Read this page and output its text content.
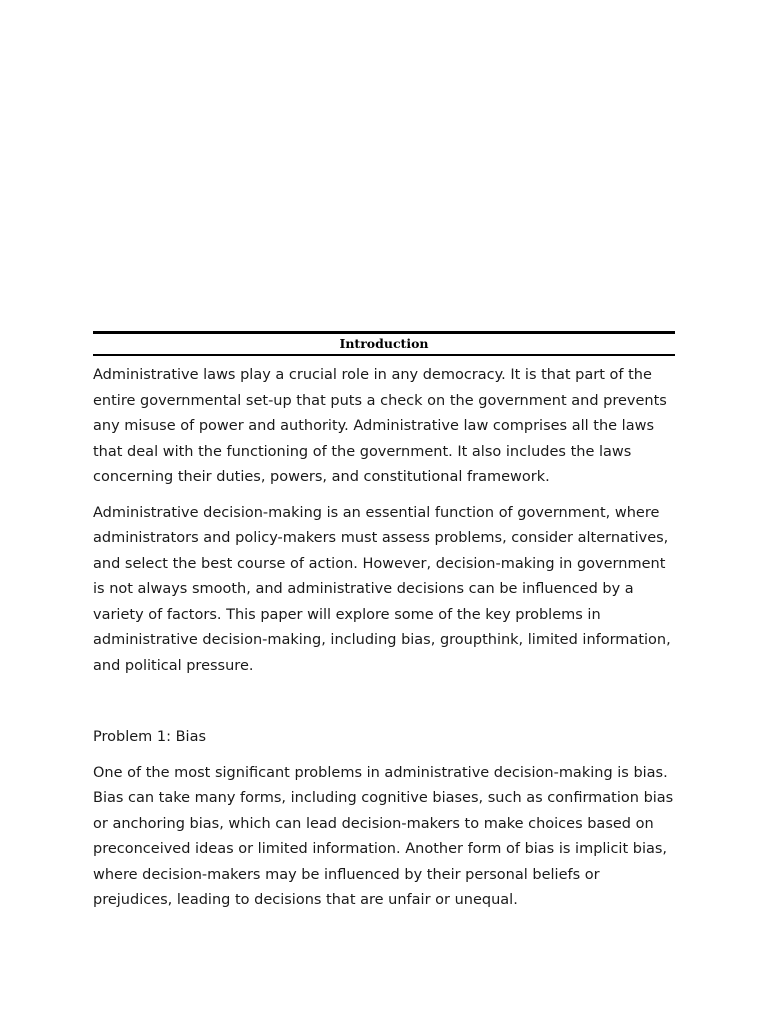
Introduction

Administrative laws play a crucial role in any democracy. It is that part of the entire governmental set-up that puts a check on the government and prevents any misuse of power and authority. Administrative law comprises all the laws that deal with the functioning of the government. It also includes the laws concerning their duties, powers, and constitutional framework.

Administrative decision-making is an essential function of government, where administrators and policy-makers must assess problems, consider alternatives, and select the best course of action. However, decision-making in government is not always smooth, and administrative decisions can be influenced by a variety of factors. This paper will explore some of the key problems in administrative decision-making, including bias, groupthink, limited information, and political pressure.

Problem 1: Bias

One of the most significant problems in administrative decision-making is bias. Bias can take many forms, including cognitive biases, such as confirmation bias or anchoring bias, which can lead decision-makers to make choices based on preconceived ideas or limited information. Another form of bias is implicit bias, where decision-makers may be influenced by their personal beliefs or prejudices, leading to decisions that are unfair or unequal.
